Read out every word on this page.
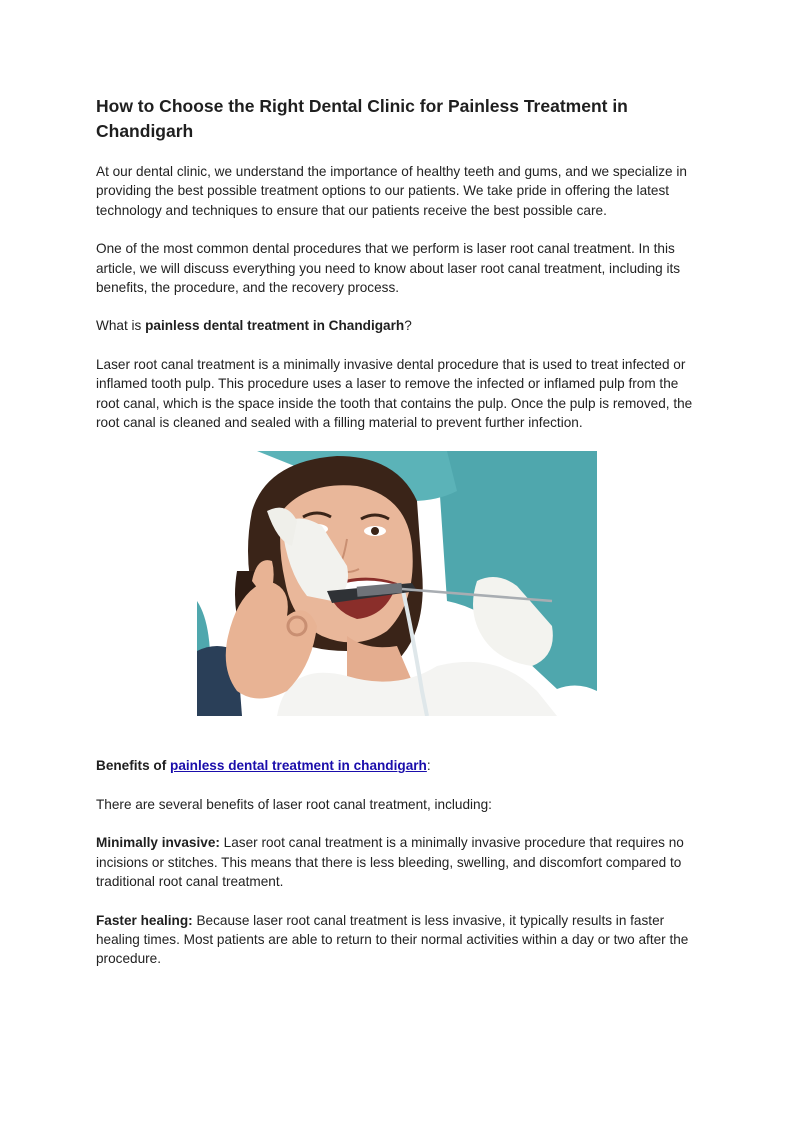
How to Choose the Right Dental Clinic for Painless Treatment in Chandigarh

At our dental clinic, we understand the importance of healthy teeth and gums, and we specialize in providing the best possible treatment options to our patients. We take pride in offering the latest technology and techniques to ensure that our patients receive the best possible care.

One of the most common dental procedures that we perform is laser root canal treatment. In this article, we will discuss everything you need to know about laser root canal treatment, including its benefits, the procedure, and the recovery process.

What is painless dental treatment in Chandigarh?

Laser root canal treatment is a minimally invasive dental procedure that is used to treat infected or inflamed tooth pulp. This procedure uses a laser to remove the infected or inflamed pulp from the root canal, which is the space inside the tooth that contains the pulp. Once the pulp is removed, the root canal is cleaned and sealed with a filling material to prevent further infection.

Benefits of painless dental treatment in chandigarh:

There are several benefits of laser root canal treatment, including:

Minimally invasive: Laser root canal treatment is a minimally invasive procedure that requires no incisions or stitches. This means that there is less bleeding, swelling, and discomfort compared to traditional root canal treatment.

Faster healing: Because laser root canal treatment is less invasive, it typically results in faster healing times. Most patients are able to return to their normal activities within a day or two after the procedure.
